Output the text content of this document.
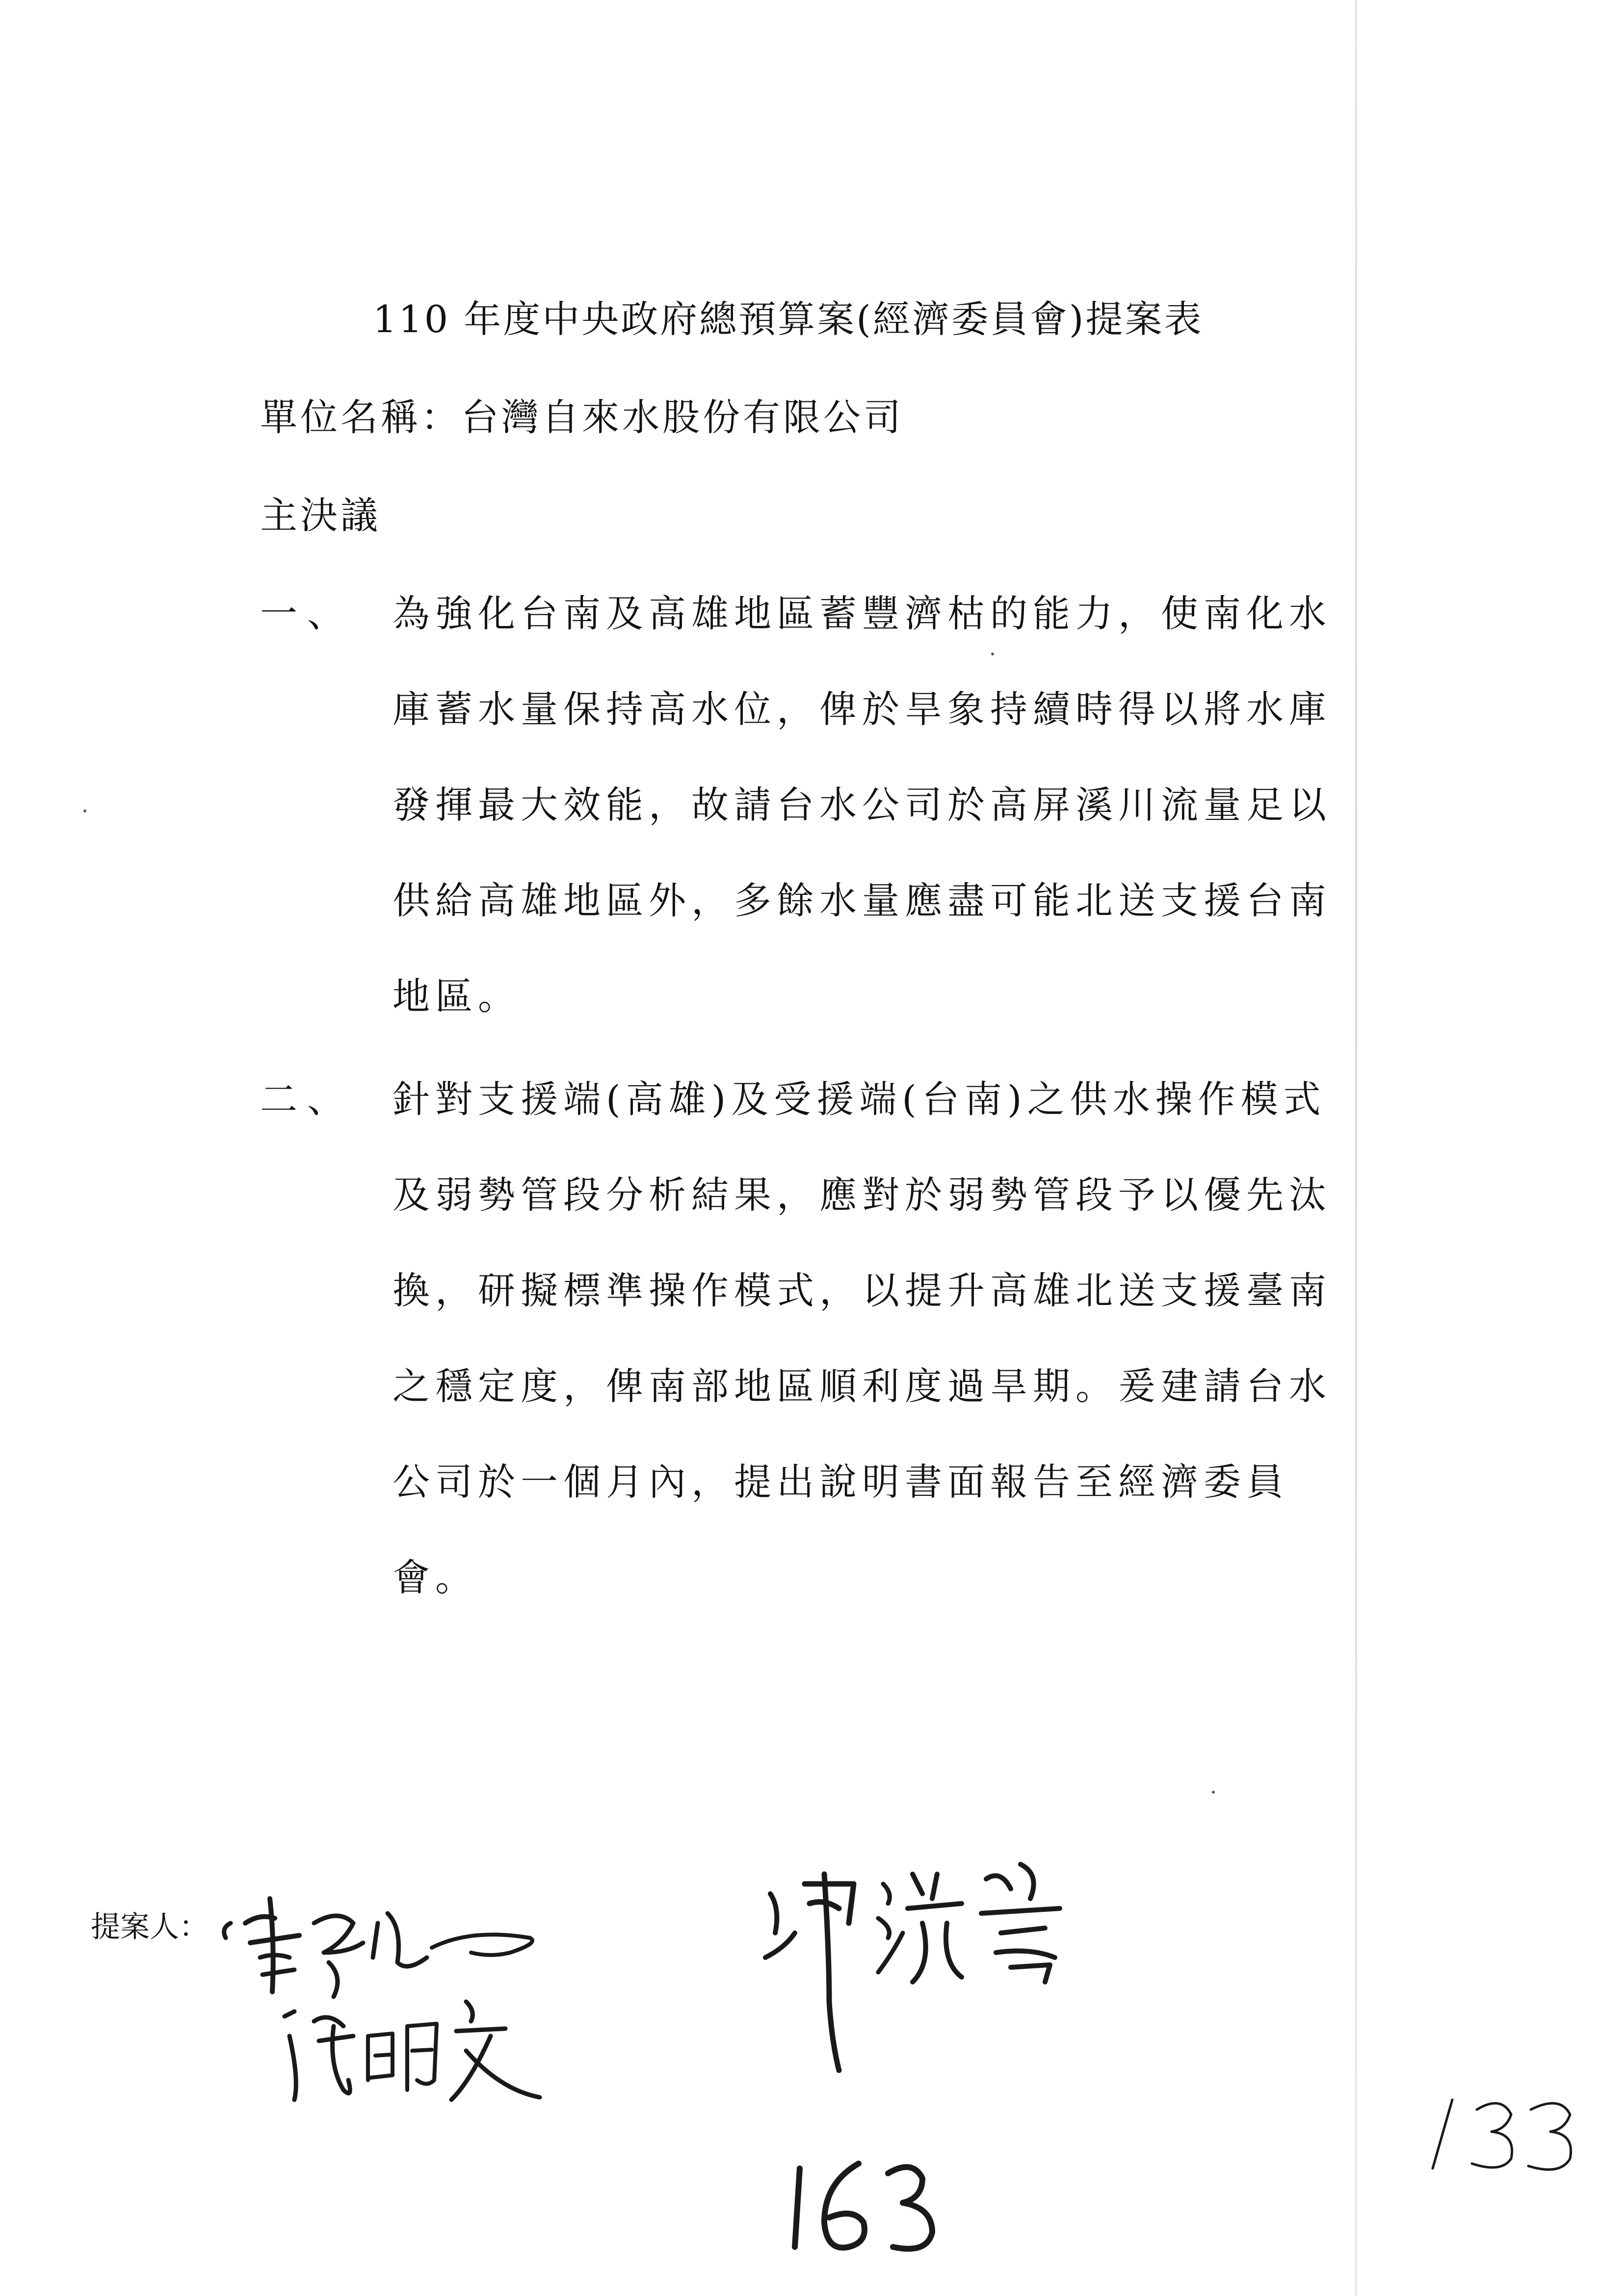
110 年度中央政府總預算案(經濟委員會)提案表
單位名稱：台灣自來水股份有限公司
主決議
一、 為強化台南及高雄地區蓄豐濟枯的能力，使南化水
庫蓄水量保持高水位，俾於旱象持續時得以將水庫
發揮最大效能，故請台水公司於高屏溪川流量足以
供給高雄地區外，多餘水量應盡可能北送支援台南
地區。
二、 針對支援端(高雄)及受援端(台南)之供水操作模式
及弱勢管段分析結果，應對於弱勢管段予以優先汰
換，研擬標準操作模式，以提升高雄北送支援臺南
之穩定度，俾南部地區順利度過旱期。爰建請台水
公司於一個月內，提出說明書面報告至經濟委員
會。
提案人：
